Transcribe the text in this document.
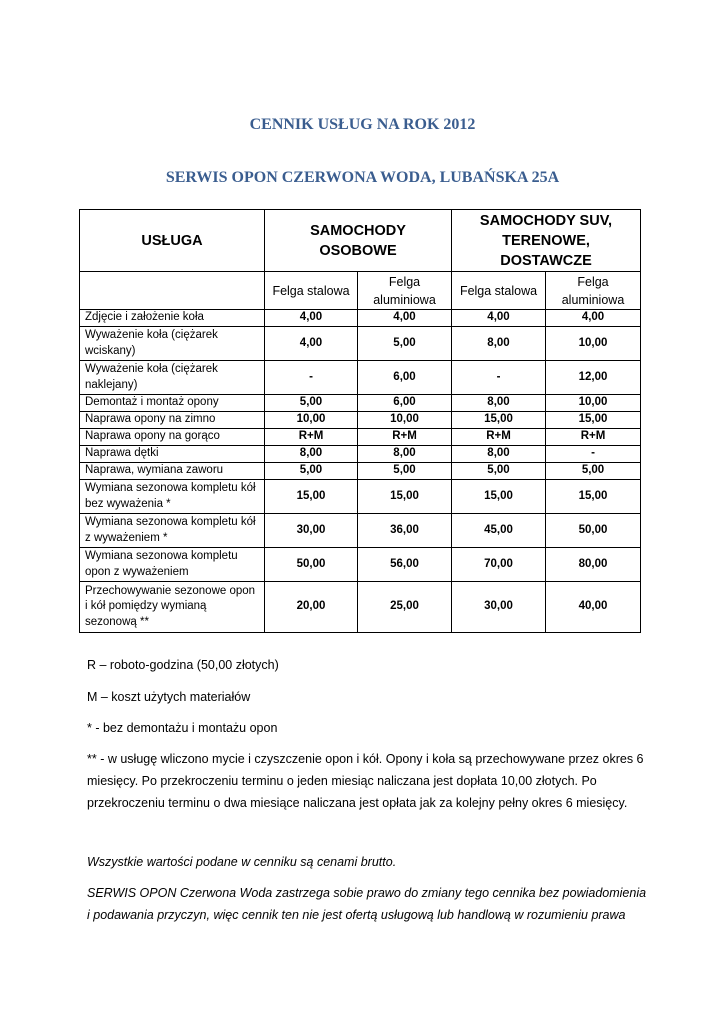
CENNIK USŁUG NA ROK 2012
SERWIS OPON CZERWONA WODA, LUBAŃSKA 25A
USŁUGA	SAMOCHODY OSOBOWE		SAMOCHODY SUV, TERENOWE, DOSTAWCZE	
	Felga stalowa	Felga aluminiowa	Felga stalowa	Felga aluminiowa
Zdjęcie i założenie koła	4,00	4,00	4,00	4,00
Wyważenie koła (ciężarek wciskany)	4,00	5,00	8,00	10,00
Wyważenie koła (ciężarek naklejany)	-	6,00	-	12,00
Demontaż i montaż opony	5,00	6,00	8,00	10,00
Naprawa opony na zimno	10,00	10,00	15,00	15,00
Naprawa opony na gorąco	R+M	R+M	R+M	R+M
Naprawa dętki	8,00	8,00	8,00	-
Naprawa, wymiana zaworu	5,00	5,00	5,00	5,00
Wymiana sezonowa kompletu kół bez wyważenia *	15,00	15,00	15,00	15,00
Wymiana sezonowa kompletu kół z wyważeniem *	30,00	36,00	45,00	50,00
Wymiana sezonowa kompletu opon z wyważeniem	50,00	56,00	70,00	80,00
Przechowywanie sezonowe opon i kół pomiędzy wymianą sezonową **	20,00	25,00	30,00	40,00

R – roboto-godzina (50,00 złotych)

M – koszt użytych materiałów

* - bez demontażu i montażu opon

** - w usługę wliczono mycie i czyszczenie opon i kół. Opony i koła są przechowywane przez okres 6 miesięcy. Po przekroczeniu terminu o jeden miesiąc naliczana jest dopłata 10,00 złotych. Po przekroczeniu terminu o dwa miesiące naliczana jest opłata jak za kolejny pełny okres 6 miesięcy.

Wszystkie wartości podane w cenniku są cenami brutto.

SERWIS OPON Czerwona Woda zastrzega sobie prawo do zmiany tego cennika bez powiadomienia i podawania przyczyn, więc cennik ten nie jest ofertą usługową lub handlową w rozumieniu prawa
